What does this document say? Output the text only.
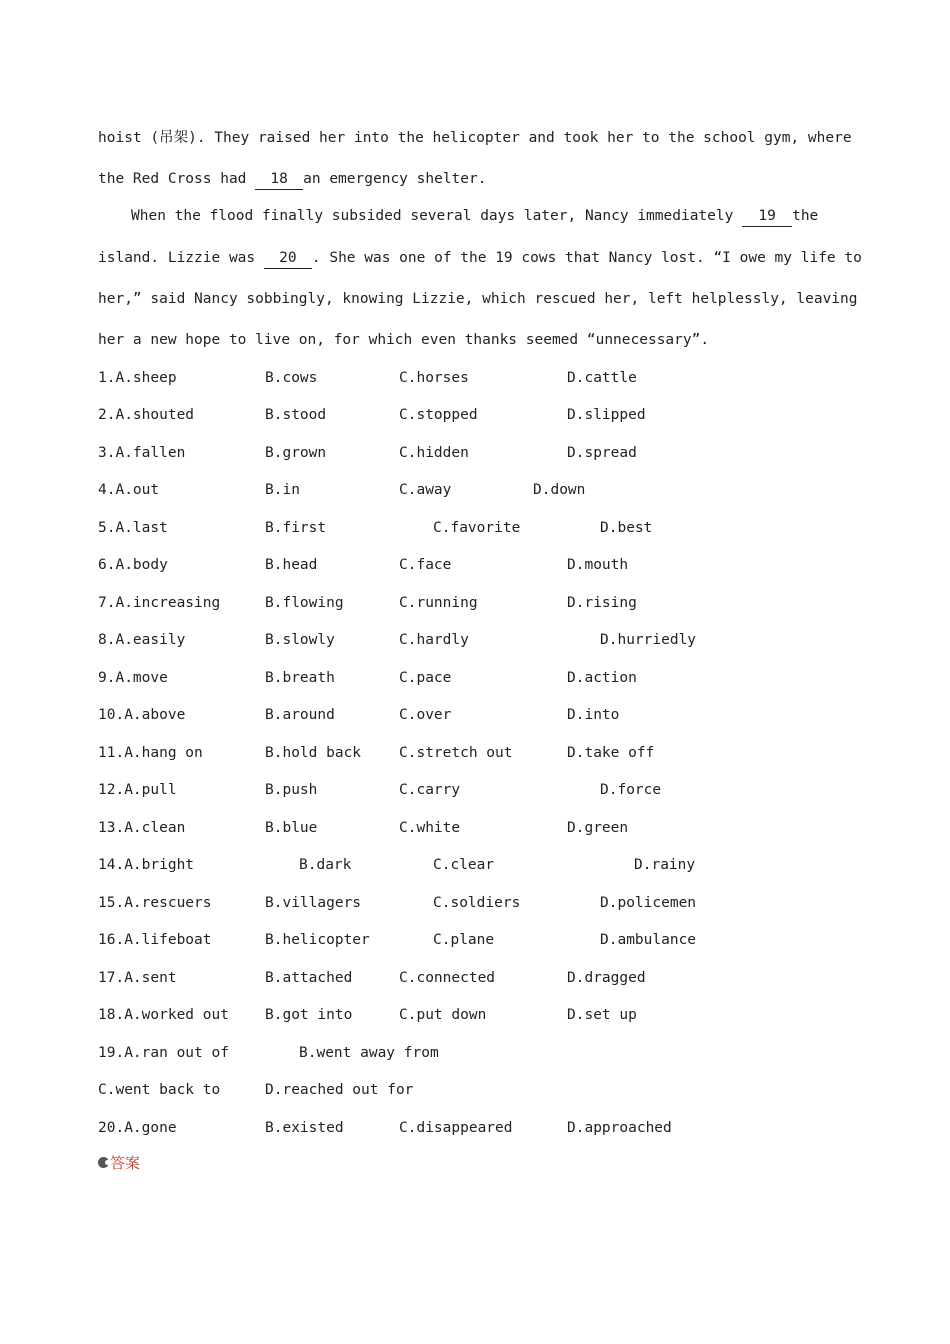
hoist (吊架). They raised her into the helicopter and took her to the school gym, where
the Red Cross had 18 an emergency shelter.
When the flood finally subsided several days later, Nancy immediately 19 the
island. Lizzie was 20 . She was one of the 19 cows that Nancy lost. “I owe my life to
her,” said Nancy sobbingly, knowing Lizzie, which rescued her, left helplessly, leaving
her a new hope to live on, for which even thanks seemed “unnecessary”.
1.A.sheep	B.cows	C.horses	D.cattle
2.A.shouted	B.stood	C.stopped	D.slipped
3.A.fallen	B.grown	C.hidden	D.spread
4.A.out	B.in	C.away	D.down
5.A.last	B.first	C.favorite	D.best
6.A.body	B.head	C.face	D.mouth
7.A.increasing	B.flowing	C.running	D.rising
8.A.easily	B.slowly	C.hardly	D.hurriedly
9.A.move	B.breath	C.pace	D.action
10.A.above	B.around	C.over	D.into
11.A.hang on	B.hold back	C.stretch out	D.take off
12.A.pull	B.push	C.carry	D.force
13.A.clean	B.blue	C.white	D.green
14.A.bright	B.dark	C.clear	D.rainy
15.A.rescuers	B.villagers	C.soldiers	D.policemen
16.A.lifeboat	B.helicopter	C.plane	D.ambulance
17.A.sent	B.attached	C.connected	D.dragged
18.A.worked out B.got into	C.put down	D.set up
19.A.ran out of	B.went away from
C.went back to	D.reached out for
20.A.gone	B.existed	C.disappeared	D.approached
答案
